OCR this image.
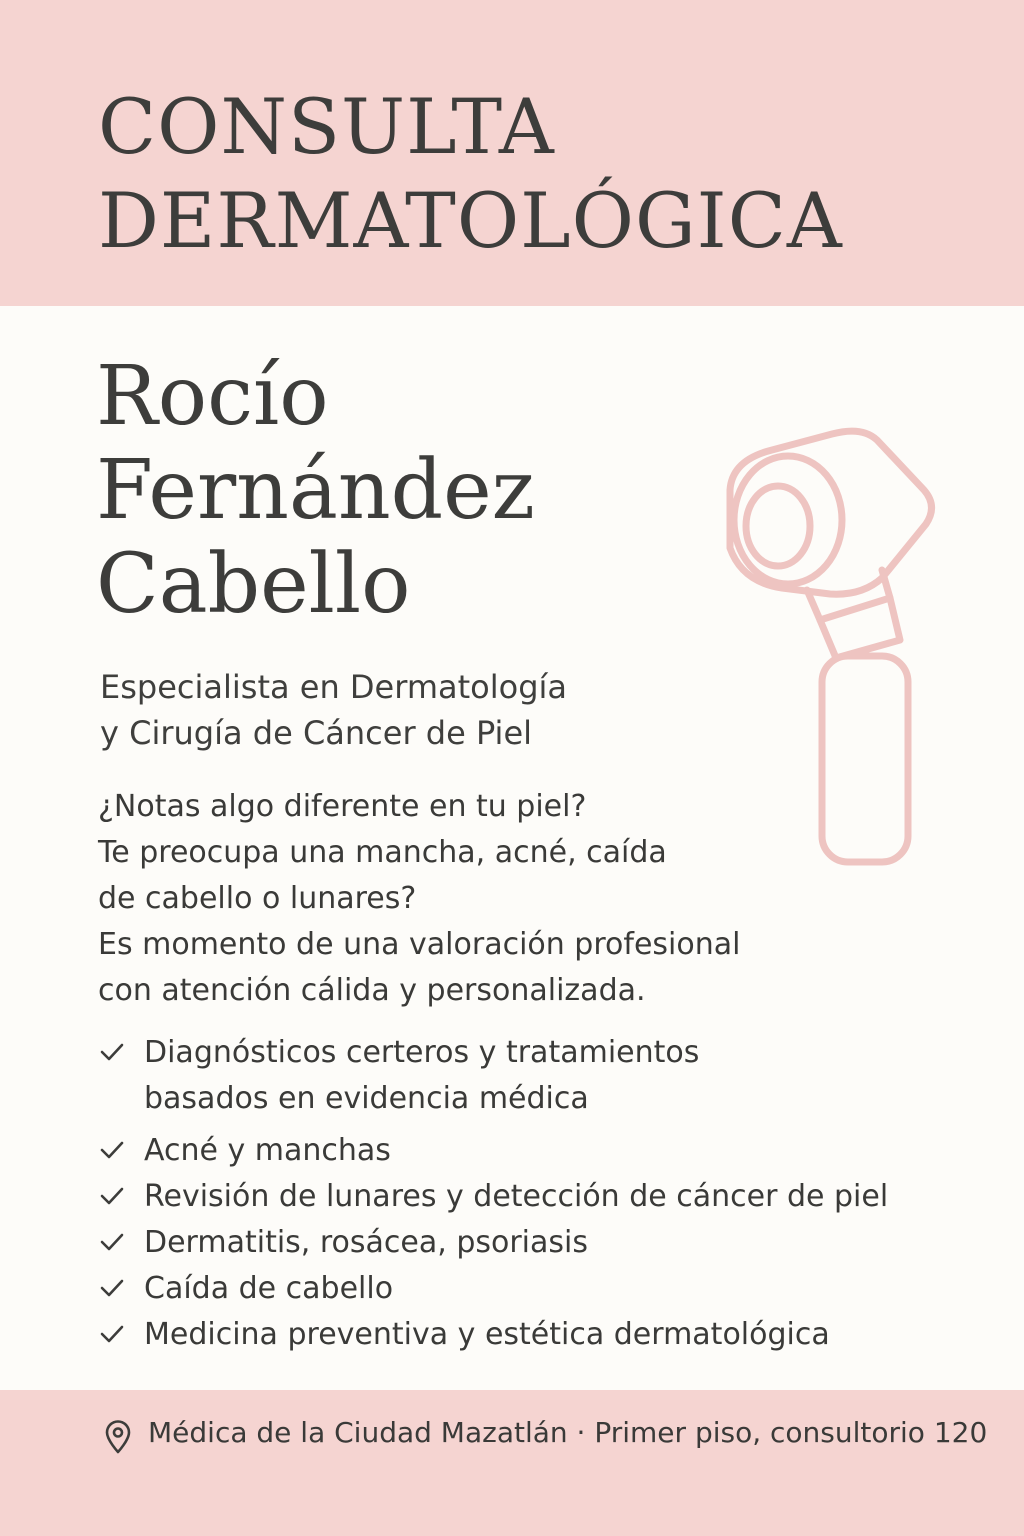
CONSULTA
DERMATOLÓGICA
Rocío
Fernández
Cabello

Especialista en Dermatología
y Cirugía de Cáncer de Piel

¿Notas algo diferente en tu piel?
Te preocupa una mancha, acné, caída
de cabello o lunares?
Es momento de una valoración profesional
con atención cálida y personalizada.

Diagnósticos certeros y tratamientos
basados en evidencia médica
Acné y manchas
Revisión de lunares y detección de cáncer de piel
Dermatitis, rosácea, psoriasis
Caída de cabello
Medicina preventiva y estética dermatológica

Médica de la Ciudad Mazatlán · Primer piso, consultorio 120
